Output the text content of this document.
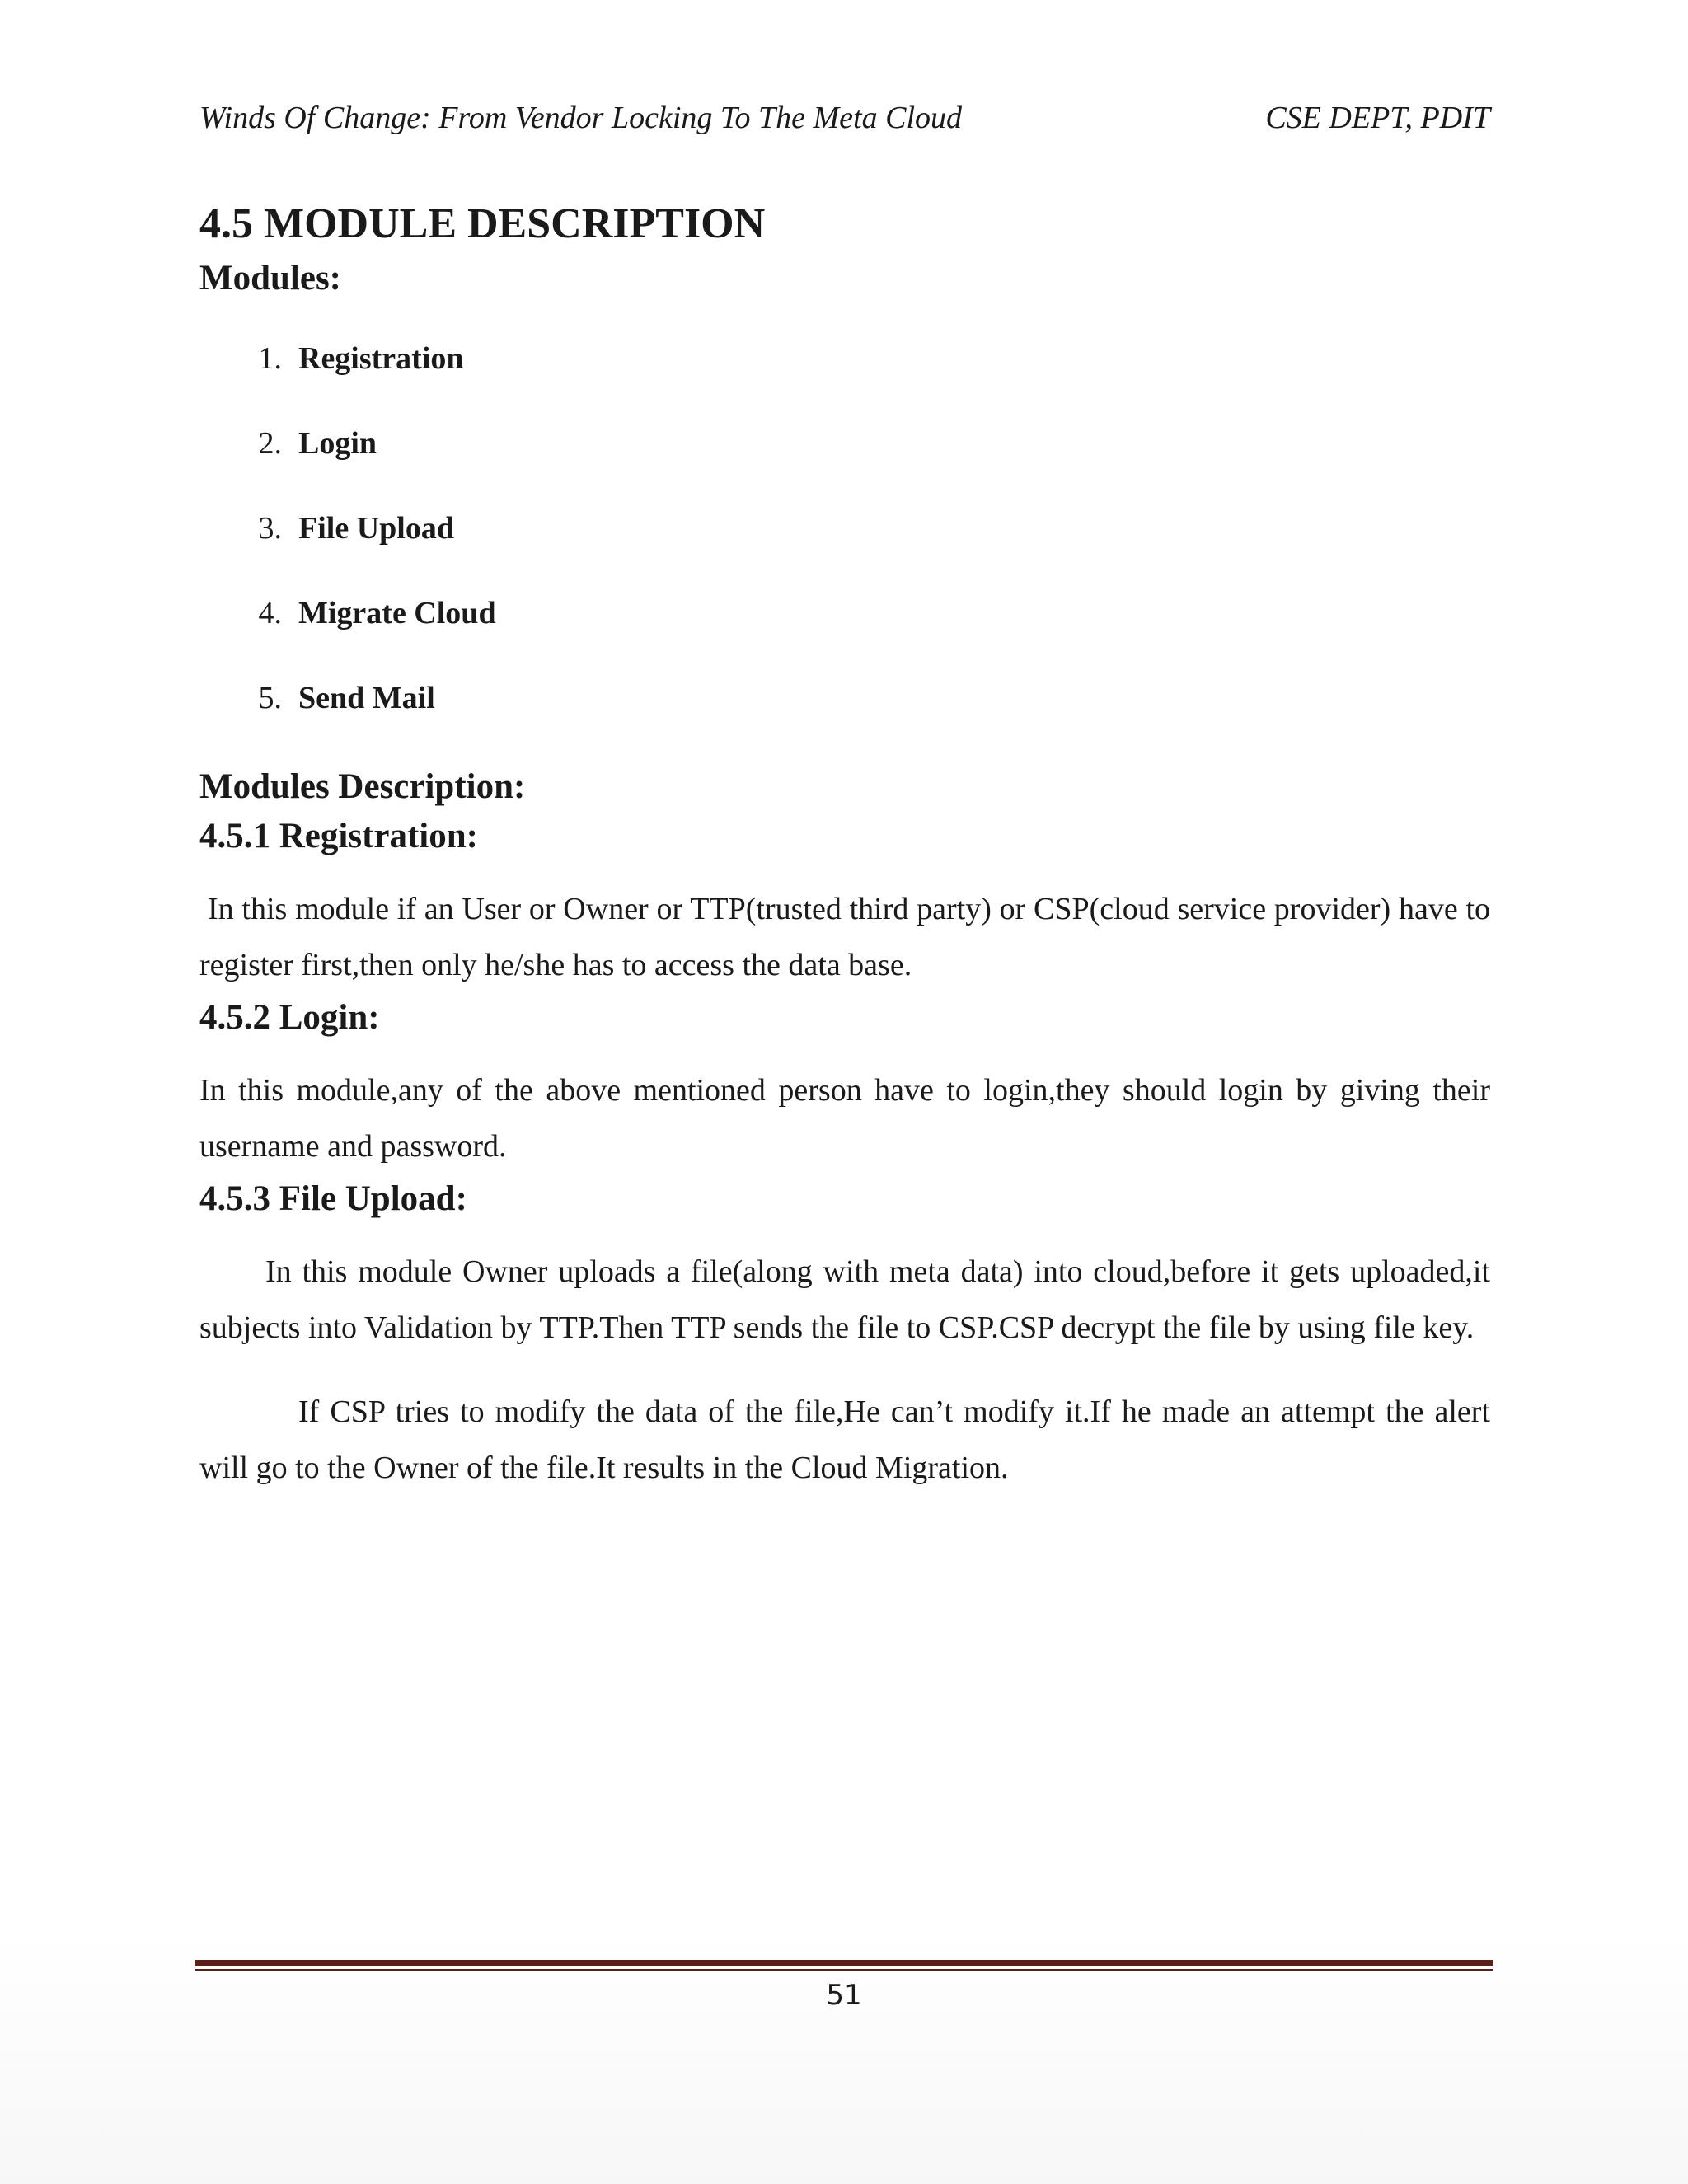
Winds Of Change: From Vendor Locking To The Meta Cloud	CSE DEPT, PDIT
4.5 MODULE DESCRIPTION
Modules:
1. Registration
2. Login
3. File Upload
4. Migrate Cloud
5. Send Mail
Modules Description:
4.5.1 Registration:

In this module if an User or Owner or TTP(trusted third party) or CSP(cloud service provider) have to register first,then only he/she has to access the data base.

4.5.2 Login:

In this module,any of the above mentioned person have to login,they should login by giving their username and password.

4.5.3 File Upload:

In this module Owner uploads a file(along with meta data) into cloud,before it gets uploaded,it subjects into Validation by TTP.Then TTP sends the file to CSP.CSP decrypt the file by using file key.

If CSP tries to modify the data of the file,He can’t modify it.If he made an attempt the alert will go to the Owner of the file.It results in the Cloud Migration.

51
